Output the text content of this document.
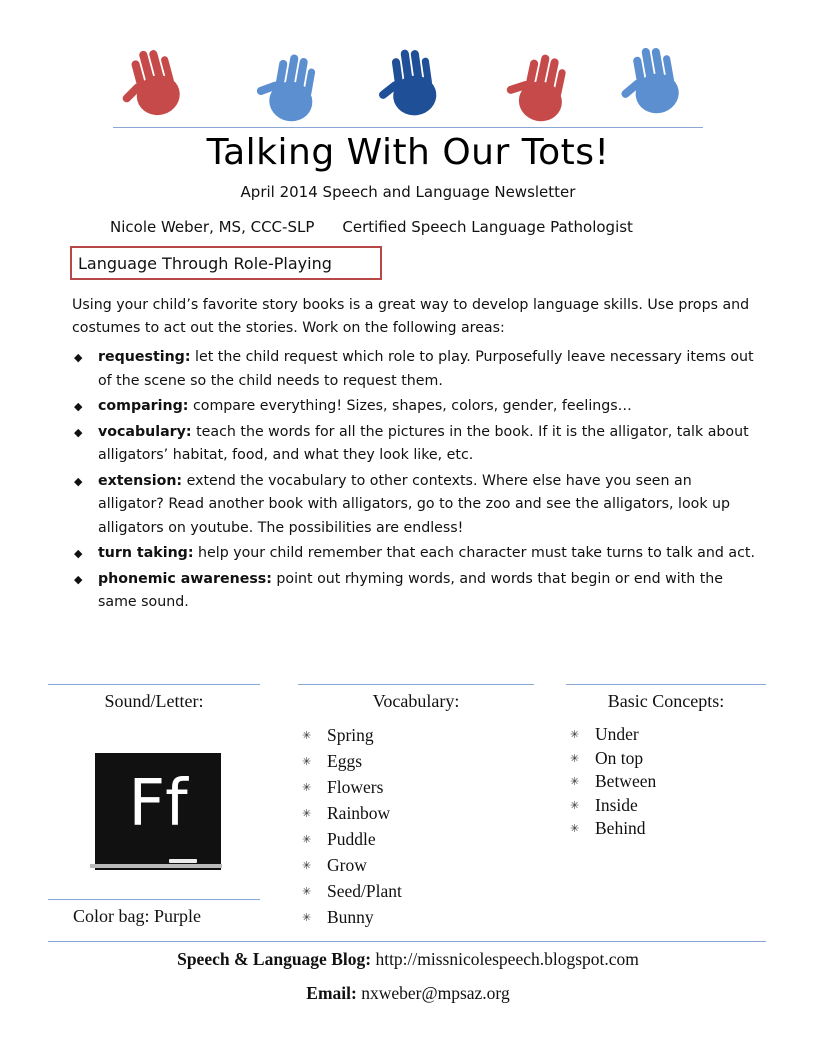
Talking With Our Tots!
April 2014 Speech and Language Newsletter
Nicole Weber, MS, CCC-SLP Certified Speech Language Pathologist
Language Through Role-Playing
Using your child’s favorite story books is a great way to develop language skills. Use props and costumes to act out the stories. Work on the following areas:
◆ requesting: let the child request which role to play. Purposefully leave necessary items out of the scene so the child needs to request them.
◆ comparing: compare everything! Sizes, shapes, colors, gender, feelings…
◆ vocabulary: teach the words for all the pictures in the book. If it is the alligator, talk about alligators’ habitat, food, and what they look like, etc.
◆ extension: extend the vocabulary to other contexts. Where else have you seen an alligator? Read another book with alligators, go to the zoo and see the alligators, look up alligators on youtube. The possibilities are endless!
◆ turn taking: help your child remember that each character must take turns to talk and act.
◆ phonemic awareness: point out rhyming words, and words that begin or end with the same sound.
Sound/Letter:
Ff
Color bag: Purple
Vocabulary:
✳ Spring
✳ Eggs
✳ Flowers
✳ Rainbow
✳ Puddle
✳ Grow
✳ Seed/Plant
✳ Bunny
Basic Concepts:
✳ Under
✳ On top
✳ Between
✳ Inside
✳ Behind
Speech & Language Blog: http://missnicolespeech.blogspot.com
Email: nxweber@mpsaz.org
